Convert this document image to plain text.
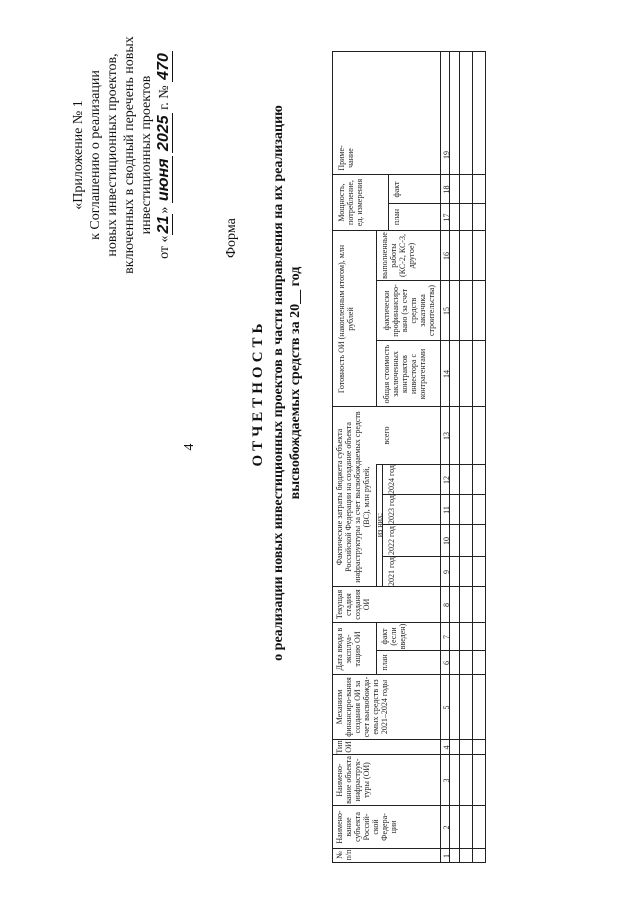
4
«Приложение № 1 к Соглашению о реализации новых инвестиционных проектов, включенных в сводный перечень новых инвестиционных проектов
от «21» июня 2025 г. № 470
Форма
ОТЧЕТНОСТЬ о реализации новых инвестиционных проектов в части направления на их реализацию высвобождаемых средств за 20__ год
№ п/п
Наимено-вание субъекта Россий-ской Федера-ции
Наимено-вание объекта инфраструк-туры (ОИ)
Тип ОИ
Механизм финансиро-вания создания ОИ за счет высвобожда-емых средств из 2021–2024 годы
Дата ввода в эксплуа-тацию ОИ план
факт (если введен)
Текущая стадия создания ОИ
Фактические затраты бюджета субъекта Российской Федерации на создание объекта инфраструктуры за счет высвобождаемых средств (ВС), млн рублей, из них:
2021 год
2022 год
2023 год
2024 год
всего
Готовность ОИ (накопленным итогом), млн рублей
общая стоимость заключенных контрактов инвестора с контрагентами
фактически профинансиро-вано (за счет средств заказчика строительства)
выполненные работы (КС-2, КС-3, другое)
Мощность, потребление, ед. измерения	план
факт
Приме-чание
1
2
3
4
5
6
7
8
9
10
11
12
13
14
15
16
17
18
19
